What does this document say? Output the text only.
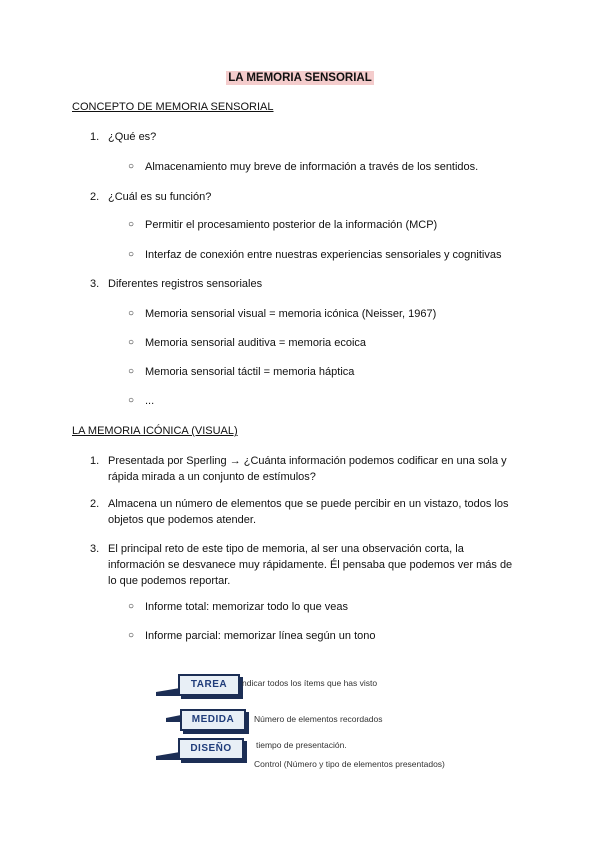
LA MEMORIA SENSORIAL
CONCEPTO DE MEMORIA SENSORIAL
1. ¿Qué es?
○ Almacenamiento muy breve de información a través de los sentidos.
2. ¿Cuál es su función?
○ Permitir el procesamiento posterior de la información (MCP)
○ Interfaz de conexión entre nuestras experiencias sensoriales y cognitivas
3. Diferentes registros sensoriales
○ Memoria sensorial visual = memoria icónica (Neisser, 1967)
○ Memoria sensorial auditiva = memoria ecoica
○ Memoria sensorial táctil = memoria háptica
○ ...
LA MEMORIA ICÓNICA (VISUAL)
1. Presentada por Sperling → ¿Cuánta información podemos codificar en una sola y rápida mirada a un conjunto de estímulos?
2. Almacena un número de elementos que se puede percibir en un vistazo, todos los objetos que podemos atender.
3. El principal reto de este tipo de memoria, al ser una observación corta, la información se desvanece muy rápidamente. Él pensaba que podemos ver más de lo que podemos reportar.
○ Informe total: memorizar todo lo que veas
○ Informe parcial: memorizar línea según un tono
TAREA	ndicar todos los ítems que has visto
MEDIDA	Número de elementos recordados
DISEÑO	tiempo de presentación.
Control (Número y tipo de elementos presentados)
